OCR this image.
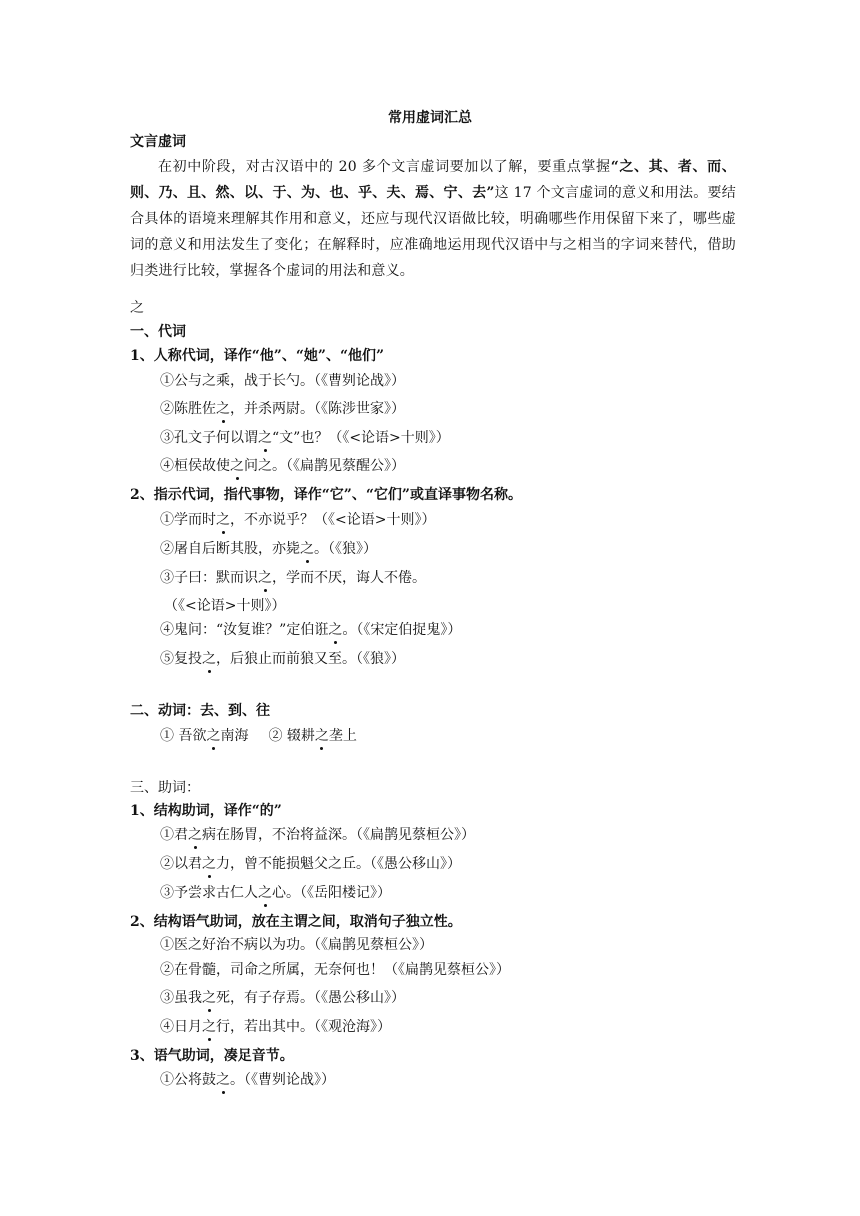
常用虚词汇总
文言虚词
在初中阶段，对古汉语中的 20 多个文言虚词要加以了解，要重点掌握“之、其、者、而、则、乃、且、然、以、于、为、也、乎、夫、焉、宁、去”这 17 个文言虚词的意义和用法。要结合具体的语境来理解其作用和意义，还应与现代汉语做比较，明确哪些作用保留下来了，哪些虚词的意义和用法发生了变化；在解释时，应准确地运用现代汉语中与之相当的字词来替代，借助归类进行比较，掌握各个虚词的用法和意义。
之
一、代词
1、人称代词，译作“他”、“她”、“他们”
①公与之乘，战于长勺。（《曹刿论战》）
②陈胜佐之，并杀两尉。（《陈涉世家》）
③孔文子何以谓之“文”也？（《<论语>十则》）
④桓侯故使之问之。（《扁鹊见蔡醒公》）
2、指示代词，指代事物，译作“它”、“它们”或直译事物名称。
①学而时之，不亦说乎？（《<论语>十则》）
②屠自后断其股，亦毙之。（《狼》）
③子曰：默而识之，学而不厌，诲人不倦。
（《<论语>十则》）
④鬼问：“汝复谁？”定伯诳之。（《宋定伯捉鬼》）
⑤复投之，后狼止而前狼又至。（《狼》）
二、动词：去、到、往
① 吾欲之南海 ② 辍耕之垄上
三、助词：
1、结构助词，译作“的”
①君之病在肠胃，不治将益深。（《扁鹊见蔡桓公》）
②以君之力，曾不能损魁父之丘。（《愚公移山》）
③予尝求古仁人之心。（《岳阳楼记》）
2、结构语气助词，放在主谓之间，取消句子独立性。
①医之好治不病以为功。（《扁鹊见蔡桓公》）
②在骨髓，司命之所属，无奈何也！（《扁鹊见蔡桓公》）
③虽我之死，有子存焉。（《愚公移山》）
④日月之行，若出其中。（《观沧海》）
3、语气助词，凑足音节。
①公将鼓之。（《曹刿论战》）
